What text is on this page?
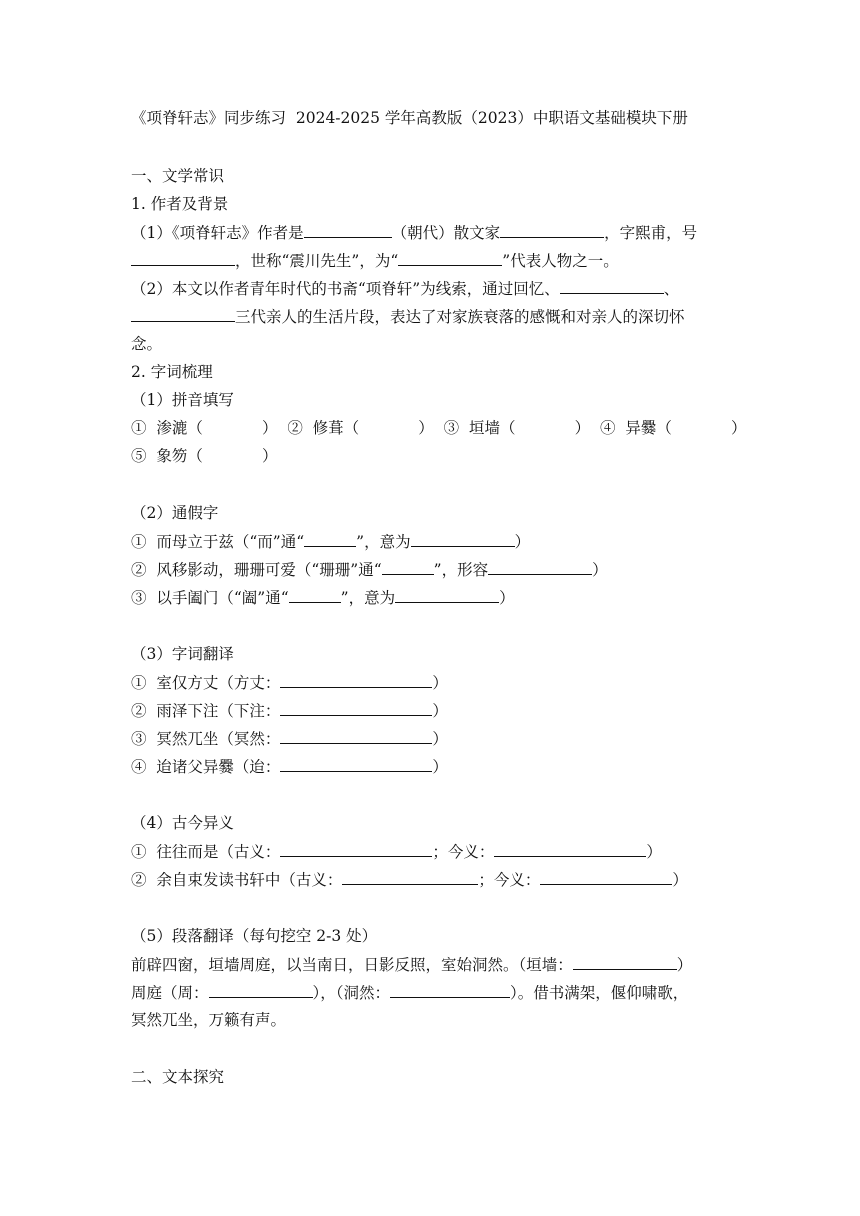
《项脊轩志》同步练习  2024-2025 学年高教版（2023）中职语文基础模块下册
一、文学常识
1. 作者及背景
（1）《项脊轩志》作者是	（朝代）散文家	，字熙甫，号
，世称“震川先生”，为“	”代表人物之一。
（2）本文以作者青年时代的书斋“项脊轩”为线索，通过回忆、	、
三代亲人的生活片段，表达了对家族衰落的感慨和对亲人的深切怀
念。
2. 字词梳理
（1）拼音填写
①  渗漉（            ）  ②  修葺（            ）  ③  垣墙（            ）  ④  异爨（            ）
⑤  象笏（            ）
（2）通假字
①  而母立于兹（“而”通“	”，意为	）
②  风移影动，珊珊可爱（“珊珊”通“	”，形容	）
③  以手阖门（“阖”通“	”，意为	）
（3）字词翻译
①  室仅方丈（方丈：	）
②  雨泽下注（下注：	）
③  冥然兀坐（冥然：	）
④  迨诸父异爨（迨：	）
（4）古今异义
①  往往而是（古义：	；今义：	）
②  余自束发读书轩中（古义：	；今义：	）
（5）段落翻译（每句挖空 2-3 处）
前辟四窗，垣墙周庭，以当南日，日影反照，室始洞然。（垣墙：	）
周庭（周：	），（洞然：	）。借书满架，偃仰啸歌，
冥然兀坐，万籁有声。
二、文本探究
